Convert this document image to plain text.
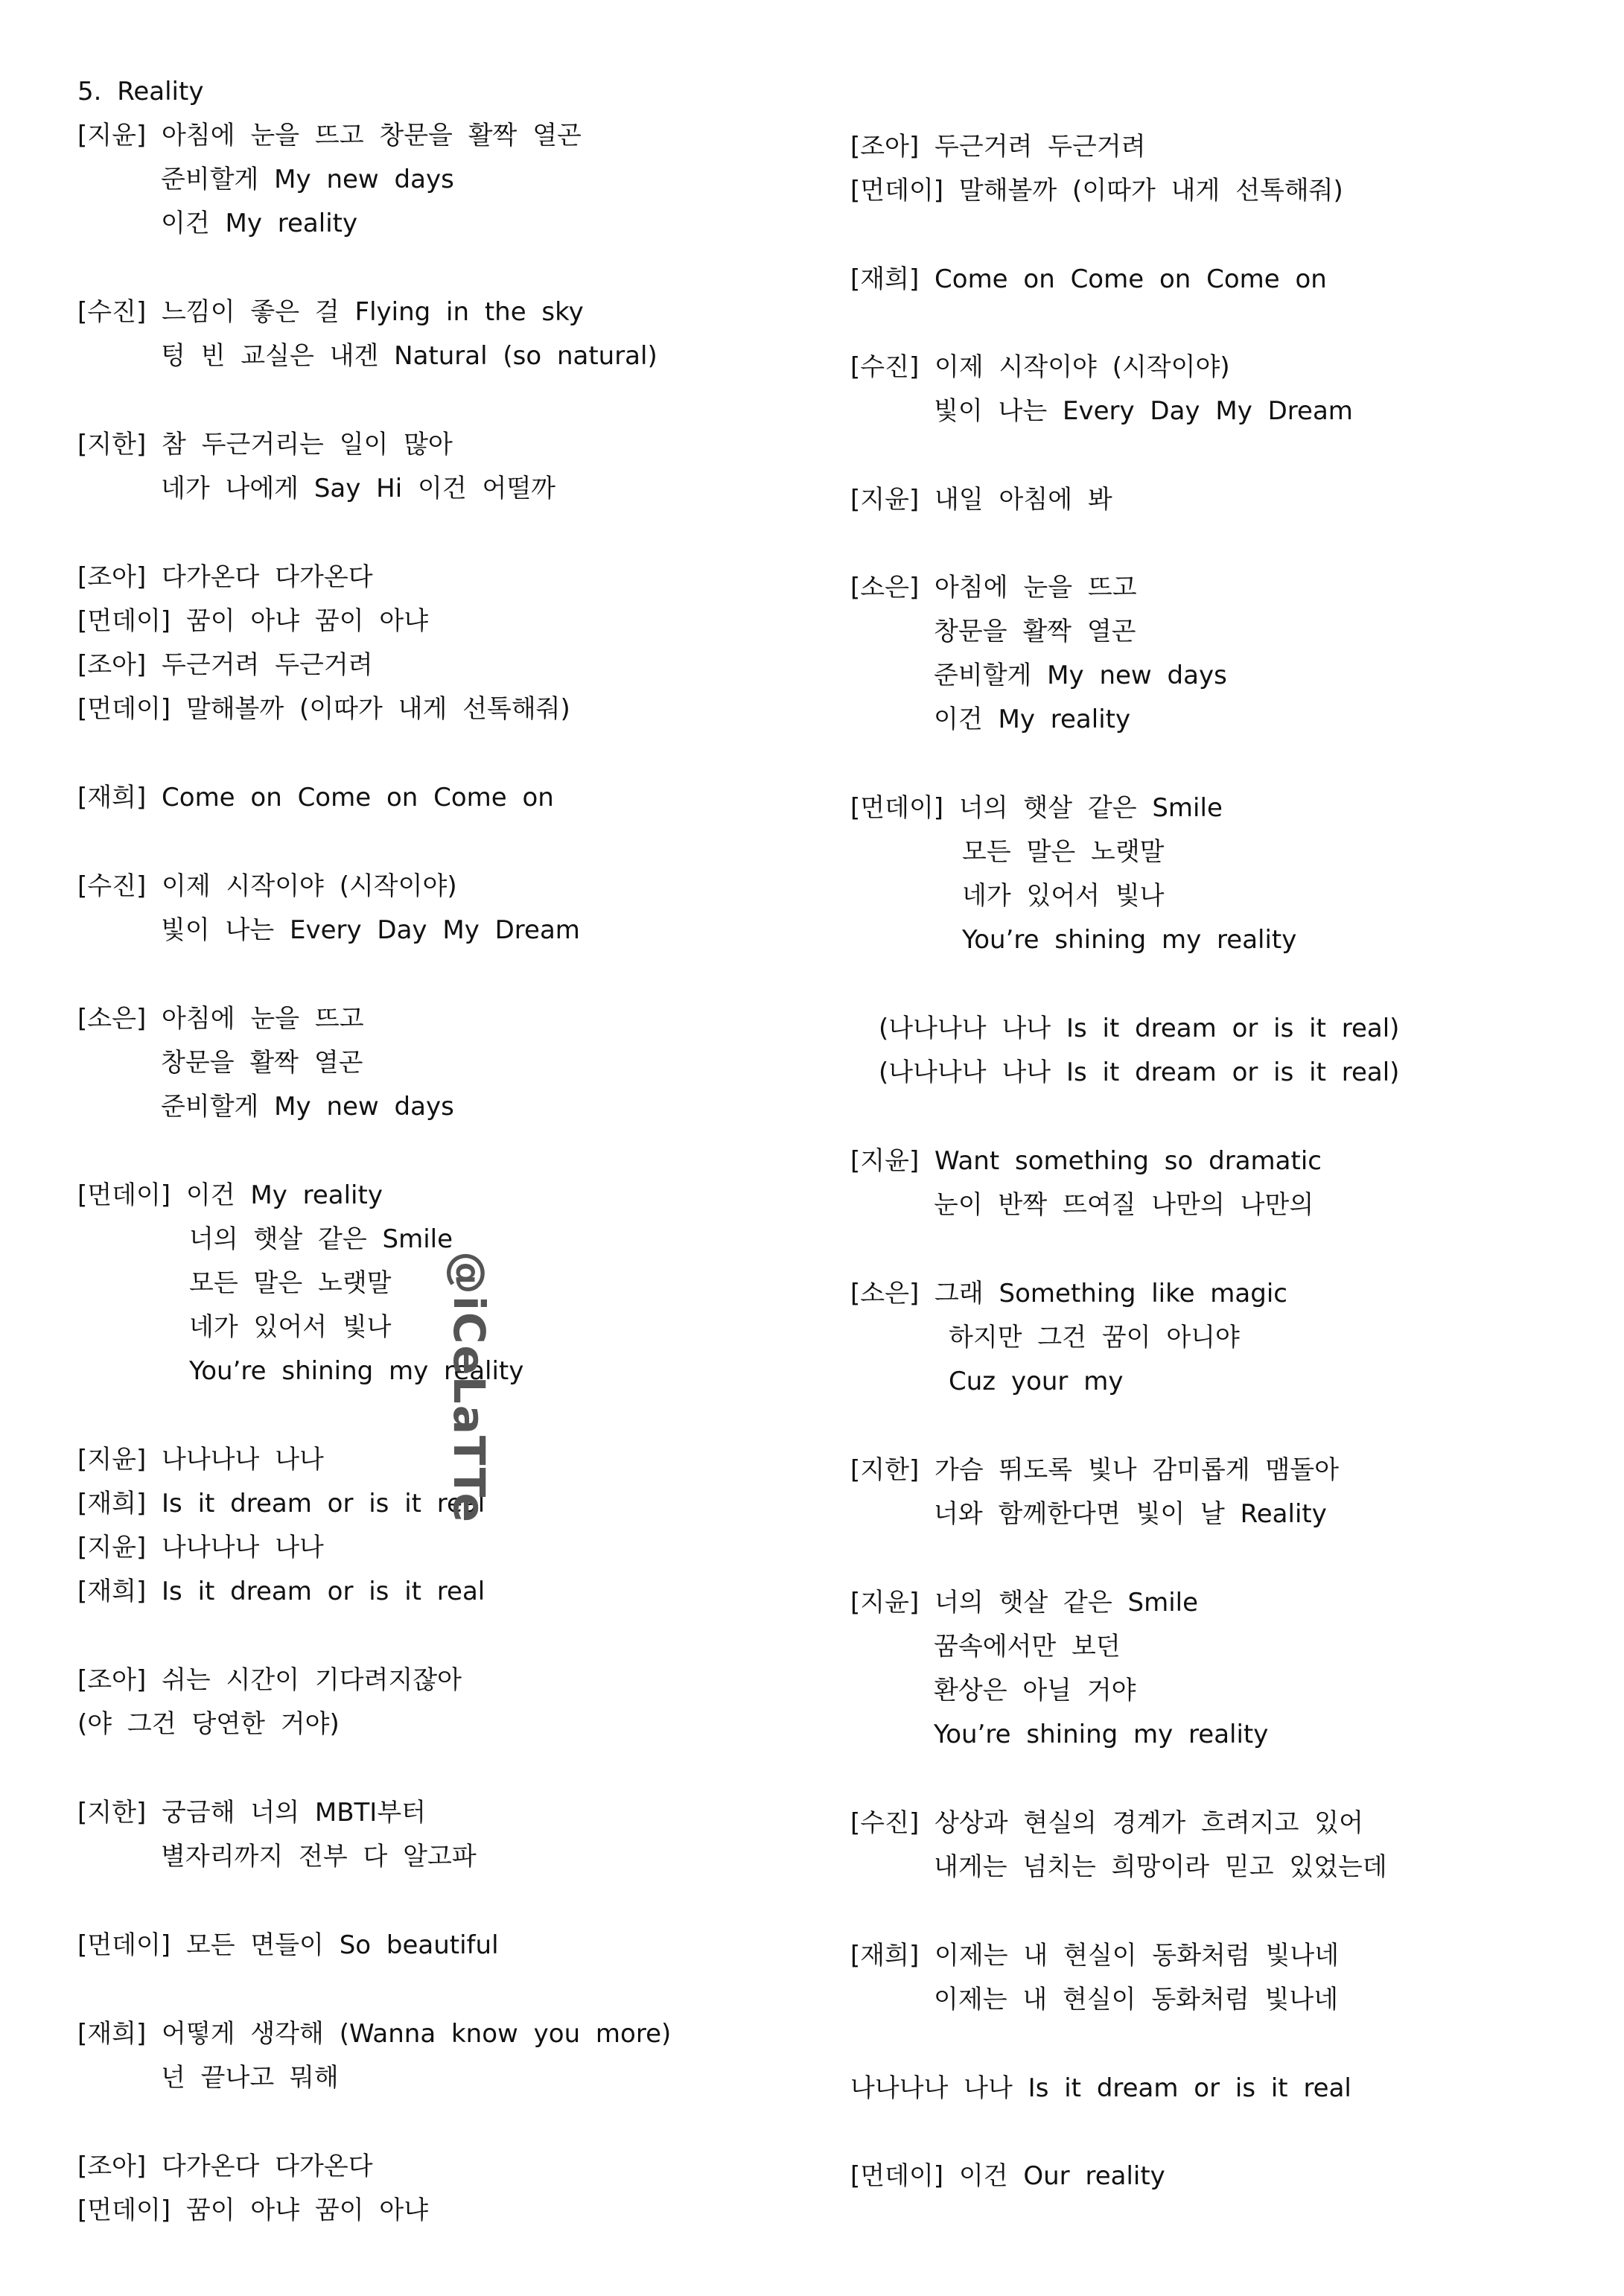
5. Reality
[지윤] 아침에 눈을 뜨고 창문을 활짝 열곤
준비할게 My new days
이건 My reality
[수진] 느낌이 좋은 걸 Flying in the sky
텅 빈 교실은 내겐 Natural (so natural)
[지한] 참 두근거리는 일이 많아
네가 나에게 Say Hi 이건 어떨까
[조아] 다가온다 다가온다
[먼데이] 꿈이 아냐 꿈이 아냐
[조아] 두근거려 두근거려
[먼데이] 말해볼까 (이따가 내게 선톡해줘)
[재희] Come on Come on Come on
[수진] 이제 시작이야 (시작이야)
빛이 나는 Every Day My Dream
[소은] 아침에 눈을 뜨고
창문을 활짝 열곤
준비할게 My new days
[먼데이] 이건 My reality
너의 햇살 같은 Smile
모든 말은 노랫말
네가 있어서 빛나
You’re shining my reality
[지윤] 나나나나 나나
[재희] Is it dream or is it real
[지윤] 나나나나 나나
[재희] Is it dream or is it real
[조아] 쉬는 시간이 기다려지잖아
(야 그건 당연한 거야)
[지한] 궁금해 너의 MBTI부터
별자리까지 전부 다 알고파
[먼데이] 모든 면들이 So beautiful
[재희] 어떻게 생각해 (Wanna know you more)
넌 끝나고 뭐해
[조아] 다가온다 다가온다
[먼데이] 꿈이 아냐 꿈이 아냐
[조아] 두근거려 두근거려
[먼데이] 말해볼까 (이따가 내게 선톡해줘)
[재희] Come on Come on Come on
[수진] 이제 시작이야 (시작이야)
빛이 나는 Every Day My Dream
[지윤] 내일 아침에 봐
[소은] 아침에 눈을 뜨고
창문을 활짝 열곤
준비할게 My new days
이건 My reality
[먼데이] 너의 햇살 같은 Smile
모든 말은 노랫말
네가 있어서 빛나
You’re shining my reality
(나나나나 나나 Is it dream or is it real)
(나나나나 나나 Is it dream or is it real)
[지윤] Want something so dramatic
눈이 반짝 뜨여질 나만의 나만의
[소은] 그래 Something like magic
하지만 그건 꿈이 아니야
Cuz your my
[지한] 가슴 뛰도록 빛나 감미롭게 맴돌아
너와 함께한다면 빛이 날 Reality
[지윤] 너의 햇살 같은 Smile
꿈속에서만 보던
환상은 아닐 거야
You’re shining my reality
[수진] 상상과 현실의 경계가 흐려지고 있어
내게는 넘치는 희망이라 믿고 있었는데
[재희] 이제는 내 현실이 동화처럼 빛나네
이제는 내 현실이 동화처럼 빛나네
나나나나 나나 Is it dream or is it real
[먼데이] 이건 Our reality
@iCeLaTTe
